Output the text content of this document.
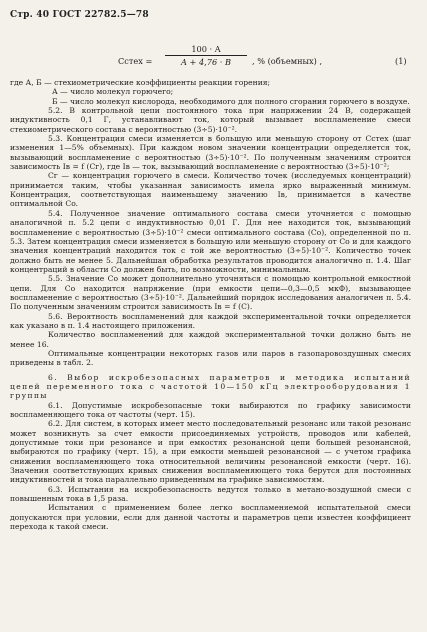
Стр. 40 ГОСТ 22782.5—78
Cстех = $\frac{100 \cdot A}{A + 4,76 \cdot B}$ , % (объемных) ,	(1)

где А, Б — стехиометрические коэффициенты реакции горения;

А — число молекул горючего;

Б — число молекул кислорода, необходимого для полного сгорания горючего в воздухе.

5.2. В контрольной цепи постоянного тока при напряжении 24 В, содержащей индуктивность 0,1 Г, устанавливают ток, который вызывает воспламенение смеси стехиометрического состава с вероятностью (3÷5)·10⁻².

5.3. Концентрация смеси изменяется в большую или меньшую сторону от Cстех (шаг изменения 1—5% объемных). При каждом новом значении концентрации определяется ток, вызывающий воспламенение с вероятностью (3÷5)·10⁻². По полученным значениям строится зависимость Iв = f (Cг), где Iв — ток, вызывающий воспламенение с вероятностью (3÷5)·10⁻²;

Cг — концентрация горючего в смеси. Количество точек (исследуемых концентраций) принимается таким, чтобы указанная зависимость имела ярко выраженный минимум. Концентрация, соответствующая наименьшему значению Iв, принимается в качестве оптимальной Co.

5.4. Полученное значение оптимального состава смеси уточняется с помощью аналогичной п. 5.2 цепи с индуктивностью 0,01 Г. Для нее находится ток, вызывающий воспламенение с вероятностью (3÷5)·10⁻² смеси оптимального состава (Co), определенной по п. 5.3. Затем концентрация смеси изменяется в большую или меньшую сторону от Co и для каждого значения концентраций находится ток с той же вероятностью (3÷5)·10⁻². Количество точек должно быть не менее 5. Дальнейшая обработка результатов проводится аналогично п. 1.4. Шаг концентраций в области Co должен быть, по возможности, минимальным.

5.5. Значение Co может дополнительно уточняться с помощью контрольной емкостной цепи. Для Co находится напряжение (при емкости цепи—0,3—0,5 мкФ), вызывающее воспламенение с вероятностью (3÷5)·10⁻². Дальнейший порядок исследования аналогичен п. 5.4. По полученным значениям строится зависимость Iв = f (C).

5.6. Вероятность воспламенений для каждой экспериментальной точки определяется как указано в п. 1.4 настоящего приложения.

Количество воспламенений для каждой экспериментальной точки должно быть не менее 16.

Оптимальные концентрации некоторых газов или паров в газопаровоздушных смесях приведены в табл. 2.

6. Выбор искробезопасных параметров и методика испытаний цепей переменного тока с частотой 10—150 кГц электрооборудования 1 группы

6.1. Допустимые искробезопасные токи выбираются по графику зависимости воспламеняющего тока от частоты (черт. 15).

6.2. Для систем, в которых имеет место последовательный резонанс или такой резонанс может возникнуть за счет емкости присоединяемых устройств, проводов или кабелей, допустимые токи при резонансе и при емкостях резонансной цепи большей резонансной, выбираются по графику (черт. 15), а при емкости меньшей резонансной — с учетом графика снижения воспламеняющего тока относительной величины резонансной емкости (черт. 16). Значения соответствующих кривых снижения воспламеняющего тока берутся для постоянных индуктивностей и тока параллельно приведенным на графике зависимостям.

6.3. Испытания на искробезопасность ведутся только в метано-воздушной смеси с повышенным тока в 1,5 раза.

Испытания с применением более легко воспламеняемой испытательной смеси допускаются при условии, если для данной частоты и параметров цепи известен коэффициент перехода к такой смеси.
